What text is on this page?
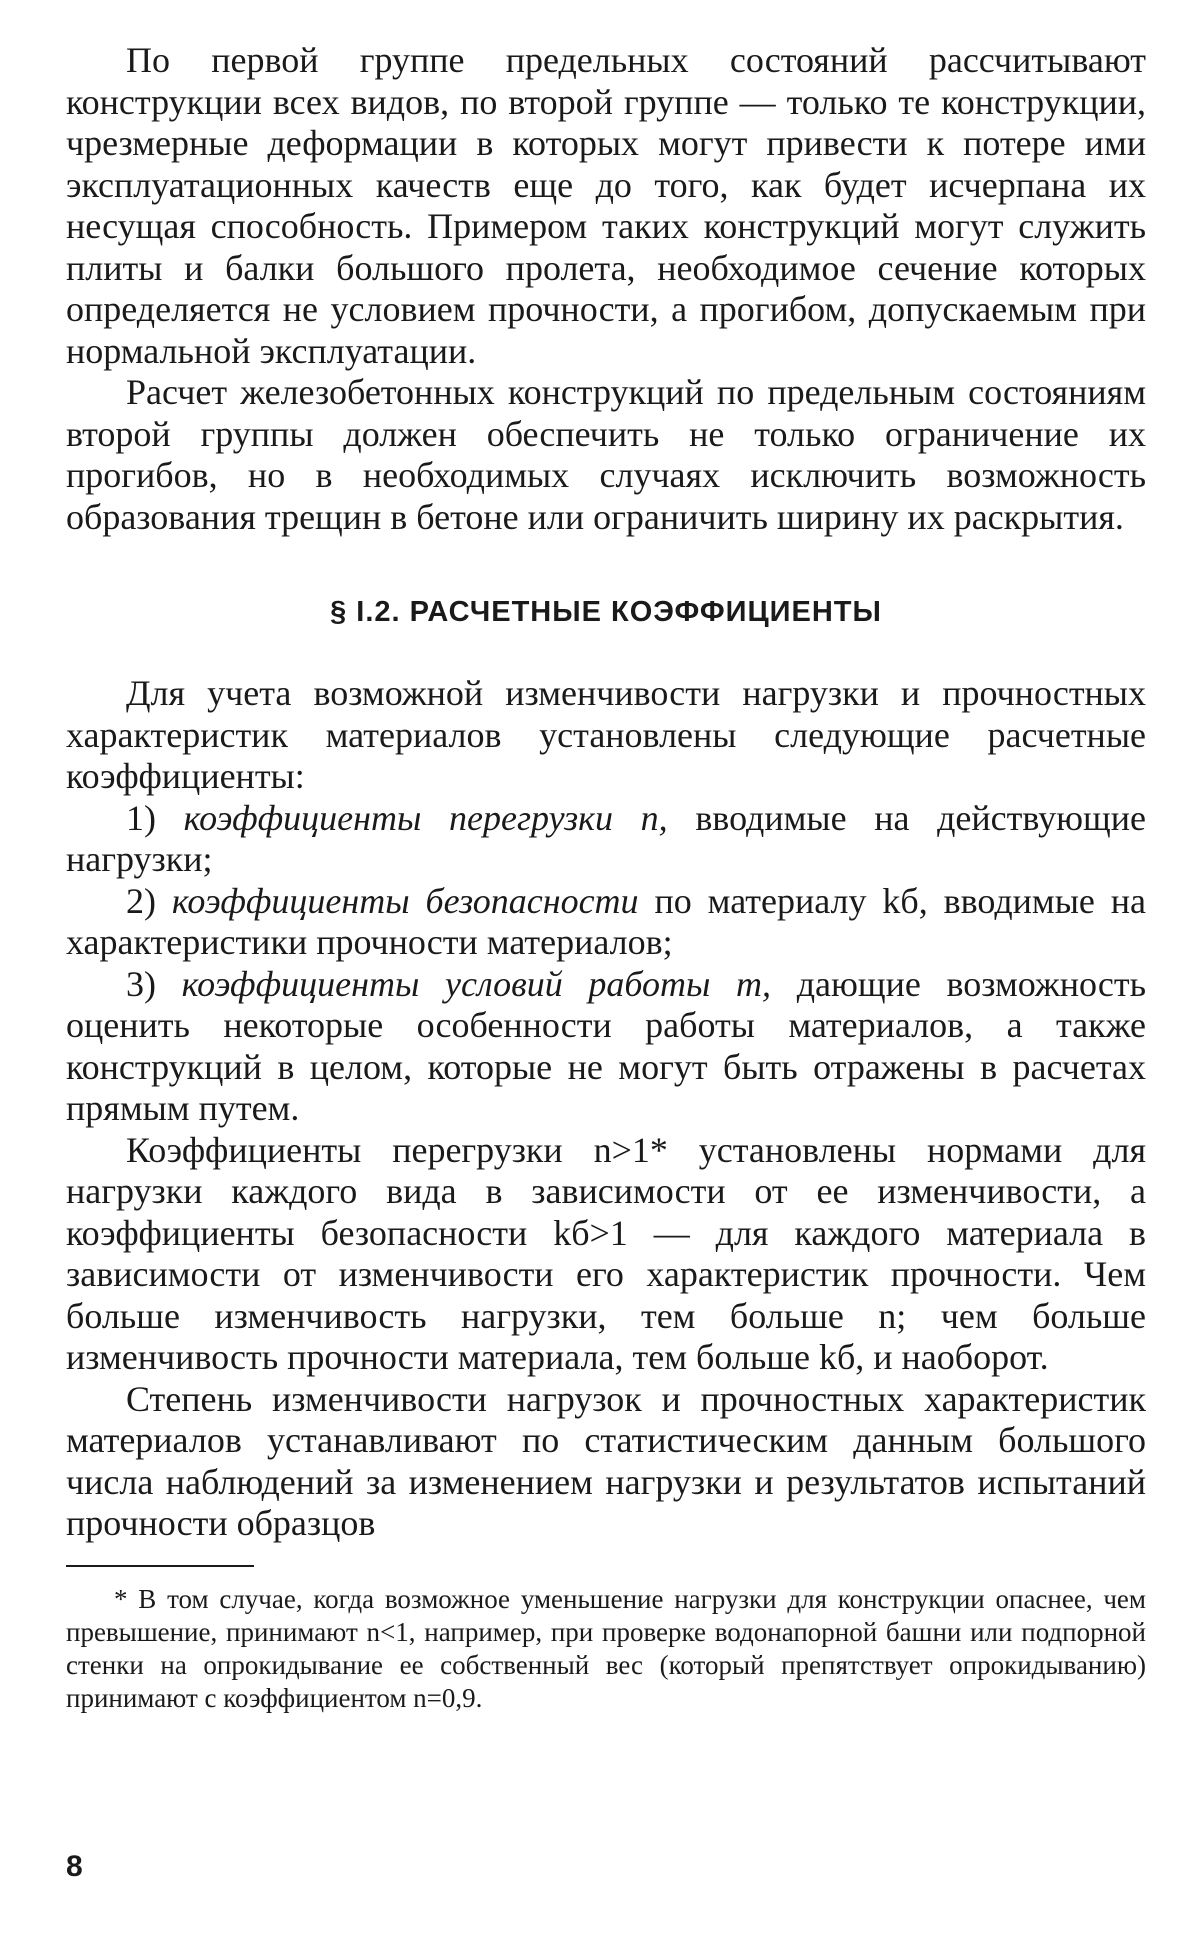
По первой группе предельных состояний рассчитывают конструкции всех видов, по второй группе — только те конструкции, чрезмерные деформации в которых могут привести к потере ими эксплуатационных качеств еще до того, как будет исчерпана их несущая способность. Примером таких конструкций могут служить плиты и балки большого пролета, необходимое сечение которых определяется не условием прочности, а прогибом, допускаемым при нормальной эксплуатации.

Расчет железобетонных конструкций по предельным состояниям второй группы должен обеспечить не только ограничение их прогибов, но в необходимых случаях исключить возможность образования трещин в бетоне или ограничить ширину их раскрытия.

§ I.2. РАСЧЕТНЫЕ КОЭФФИЦИЕНТЫ

Для учета возможной изменчивости нагрузки и прочностных характеристик материалов установлены следующие расчетные коэффициенты:

1) коэффициенты перегрузки n, вводимые на действующие нагрузки;

2) коэффициенты безопасности по материалу kб, вводимые на характеристики прочности материалов;

3) коэффициенты условий работы m, дающие возможность оценить некоторые особенности работы материалов, а также конструкций в целом, которые не могут быть отражены в расчетах прямым путем.

Коэффициенты перегрузки n>1* установлены нормами для нагрузки каждого вида в зависимости от ее изменчивости, а коэффициенты безопасности kб>1 — для каждого материала в зависимости от изменчивости его характеристик прочности. Чем больше изменчивость нагрузки, тем больше n; чем больше изменчивость прочности материала, тем больше kб, и наоборот.

Степень изменчивости нагрузок и прочностных характеристик материалов устанавливают по статистическим данным большого числа наблюдений за изменением нагрузки и результатов испытаний прочности образцов

* В том случае, когда возможное уменьшение нагрузки для конструкции опаснее, чем превышение, принимают n<1, например, при проверке водонапорной башни или подпорной стенки на опрокидывание ее собственный вес (который препятствует опрокидыванию) принимают с коэффициентом n=0,9.

8
